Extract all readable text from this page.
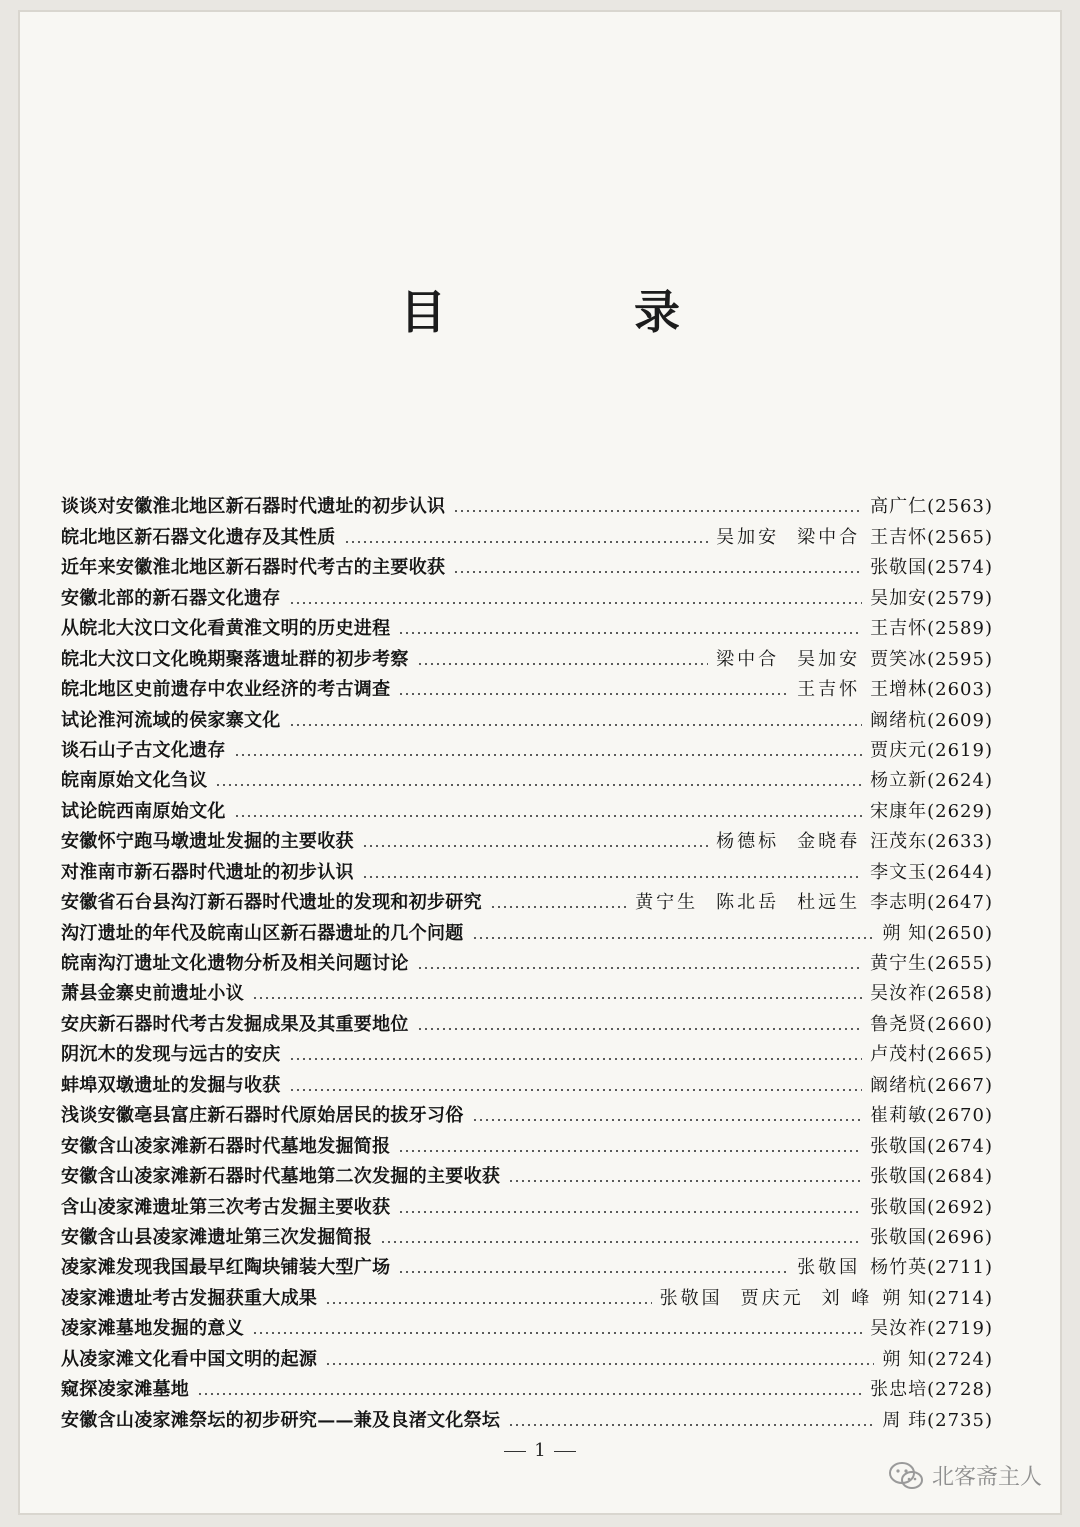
目 录
谈谈对安徽淮北地区新石器时代遗址的初步认识	高广仁(2563)
皖北地区新石器文化遗存及其性质	吴加安 梁中合 王吉怀(2565)
近年来安徽淮北地区新石器时代考古的主要收获	张敬国(2574)
安徽北部的新石器文化遗存	吴加安(2579)
从皖北大汶口文化看黄淮文明的历史进程	王吉怀(2589)
皖北大汶口文化晚期聚落遗址群的初步考察	梁中合 吴加安 贾笑冰(2595)
皖北地区史前遗存中农业经济的考古调查	王吉怀 王增林(2603)
试论淮河流域的侯家寨文化	阚绪杭(2609)
谈石山子古文化遗存	贾庆元(2619)
皖南原始文化刍议	杨立新(2624)
试论皖西南原始文化	宋康年(2629)
安徽怀宁跑马墩遗址发掘的主要收获	杨德标 金晓春 汪茂东(2633)
对淮南市新石器时代遗址的初步认识	李文玉(2644)
安徽省石台县沟汀新石器时代遗址的发现和初步研究	黄宁生 陈北岳 杜远生 李志明(2647)
沟汀遗址的年代及皖南山区新石器遗址的几个问题	朔 知(2650)
皖南沟汀遗址文化遗物分析及相关问题讨论	黄宁生(2655)
萧县金寨史前遗址小议	吴汝祚(2658)
安庆新石器时代考古发掘成果及其重要地位	鲁尧贤(2660)
阴沉木的发现与远古的安庆	卢茂村(2665)
蚌埠双墩遗址的发掘与收获	阚绪杭(2667)
浅谈安徽亳县富庄新石器时代原始居民的拔牙习俗	崔莉敏(2670)
安徽含山凌家滩新石器时代墓地发掘简报	张敬国(2674)
安徽含山凌家滩新石器时代墓地第二次发掘的主要收获	张敬国(2684)
含山凌家滩遗址第三次考古发掘主要收获	张敬国(2692)
安徽含山县凌家滩遗址第三次发掘简报	张敬国(2696)
凌家滩发现我国最早红陶块铺装大型广场	张敬国 杨竹英(2711)
凌家滩遗址考古发掘获重大成果	张敬国 贾庆元 刘 峰 朔 知(2714)
凌家滩墓地发掘的意义	吴汝祚(2719)
从凌家滩文化看中国文明的起源	朔 知(2724)
窥探凌家滩墓地	张忠培(2728)
安徽含山凌家滩祭坛的初步研究——兼及良渚文化祭坛	周 玮(2735)
1
北客斋主人
